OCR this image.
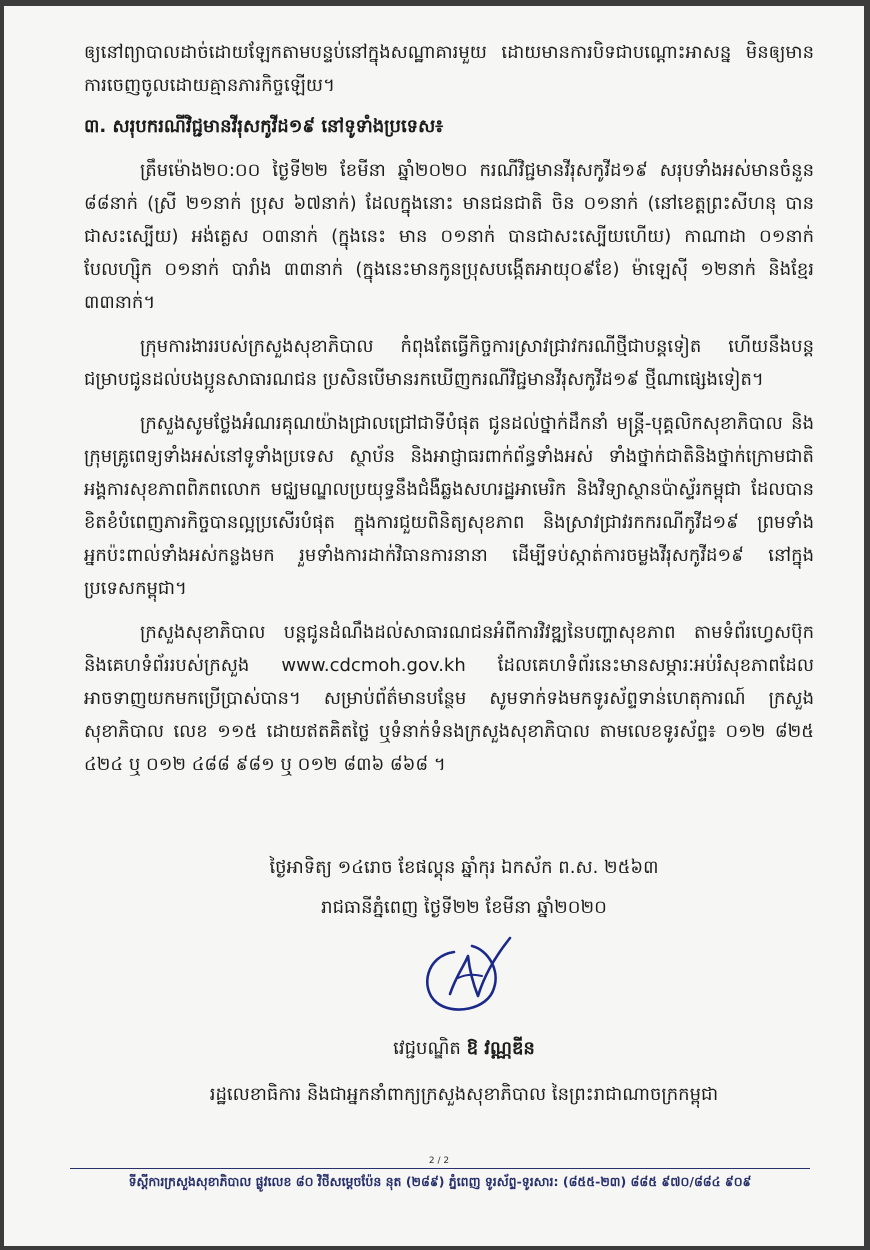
ឲ្យនៅព្យាបាលដាច់ដោយឡែកតាមបន្ទប់នៅក្នុងសណ្ឋាគារមួយ ដោយមានការបិទជាបណ្ដោះអាសន្ន មិនឲ្យមានការចេញចូលដោយគ្មានភារកិច្ចឡើយ។

៣. សរុបករណីវិជ្ជមានវីរុសកូវីដ១៩ នៅទូទាំងប្រទេស៖

ត្រឹមម៉ោង២០:០០ ថ្ងៃទី២២ ខែមីនា ឆ្នាំ២០២០ ករណីវិជ្ជមានវីរុសកូវីដ១៩ សរុបទាំងអស់មានចំនួន ៨៨នាក់ (ស្រី ២១នាក់ ប្រុស ៦៧នាក់) ដែលក្នុងនោះ មានជនជាតិ ចិន ០១នាក់ (នៅខេត្តព្រះសីហនុ បានជាសះស្បើយ) អង់គ្លេស ០៣នាក់ (ក្នុងនេះ មាន ០១នាក់ បានជាសះស្បើយហើយ) កាណាដា ០១នាក់ បែលហ្ស៊ិក ០១នាក់ បារាំង ៣៣នាក់ (ក្នុងនេះមានកូនប្រុសបង្កើតអាយុ០៩ខែ) ម៉ាឡេស៊ី ១២នាក់ និងខ្មែរ ៣៣នាក់។

ក្រុមការងាររបស់ក្រសួងសុខាភិបាល កំពុងតែធ្វើកិច្ចការស្រាវជ្រាវករណីថ្មីជាបន្តទៀត ហើយនឹងបន្តជម្រាបជូនដល់បងប្អូនសាធារណជន ប្រសិនបើមានរកឃើញករណីវិជ្ជមានវីរុសកូវីដ១៩ ថ្មីណាផ្សេងទៀត។

ក្រសួងសូមថ្លែងអំណរគុណយ៉ាងជ្រាលជ្រៅជាទីបំផុត ជូនដល់ថ្នាក់ដឹកនាំ មន្ត្រី-បុគ្គលិកសុខាភិបាល និងក្រុមគ្រូពេទ្យទាំងអស់នៅទូទាំងប្រទេស ស្ថាប័ន និងអាជ្ញាធរពាក់ព័ន្ធទាំងអស់ ទាំងថ្នាក់ជាតិនិងថ្នាក់ក្រោមជាតិ អង្គការសុខភាពពិភពលោក មជ្ឈមណ្ឌលប្រយុទ្ធនឹងជំងឺឆ្លងសហរដ្ឋអាមេរិក និងវិទ្យាស្ថានប៉ាស្ទ័រកម្ពុជា ដែលបានខិតខំបំពេញភារកិច្ចបានល្អប្រសើរបំផុត ក្នុងការជួយពិនិត្យសុខភាព និងស្រាវជ្រាវរកករណីកូវីដ១៩ ព្រមទាំងអ្នកប៉ះពាល់ទាំងអស់កន្លងមក រួមទាំងការដាក់វិធានការនានា ដើម្បីទប់ស្កាត់ការចម្លងវីរុសកូវីដ១៩ នៅក្នុងប្រទេសកម្ពុជា។

ក្រសួងសុខាភិបាល បន្តជូនដំណឹងដល់សាធារណជនអំពីការវិវឌ្ឍនៃបញ្ហាសុខភាព តាមទំព័រហ្វេសប៊ុក និងគេហទំព័ររបស់ក្រសួង www.cdcmoh.gov.kh ដែលគេហទំព័រនេះមានសម្ភារៈអប់រំសុខភាពដែលអាចទាញយកមកប្រើប្រាស់បាន។ សម្រាប់ព័ត៌មានបន្ថែម សូមទាក់ទងមកទូរស័ព្ទទាន់ហេតុការណ៍ ក្រសួងសុខាភិបាល លេខ ១១៥ ដោយឥតគិតថ្លៃ ឬទំនាក់ទំនងក្រសួងសុខាភិបាល តាមលេខទូរស័ព្ទ៖ ០១២ ៨២៥ ៤២៤ ឬ ០១២ ៤៨៨ ៩៨១ ឬ ០១២ ៨៣៦ ៨៦៨ ។

ថ្ងៃអាទិត្យ ១៤រោច ខែផល្គុន ឆ្នាំកុរ ឯកស័ក ព.ស. ២៥៦៣
រាជធានីភ្នំពេញ ថ្ងៃទី២២ ខែមីនា ឆ្នាំ២០២០
វេជ្ជបណ្ឌិត ឱ វណ្ណឌីន
រដ្ឋលេខាធិការ និងជាអ្នកនាំពាក្យក្រសួងសុខាភិបាល នៃព្រះរាជាណាចក្រកម្ពុជា
2 / 2
ទីស្តីការក្រសួងសុខាភិបាល ផ្លូវលេខ ៨០ វិថីសម្តេចប៉ែន នុត (២៨៩) ភ្នំពេញ ទូរស័ព្ទ-ទូរសារ: (៨៥៥-២៣) ៨៨៥ ៩៧០/៨៨៤ ៩០៩
